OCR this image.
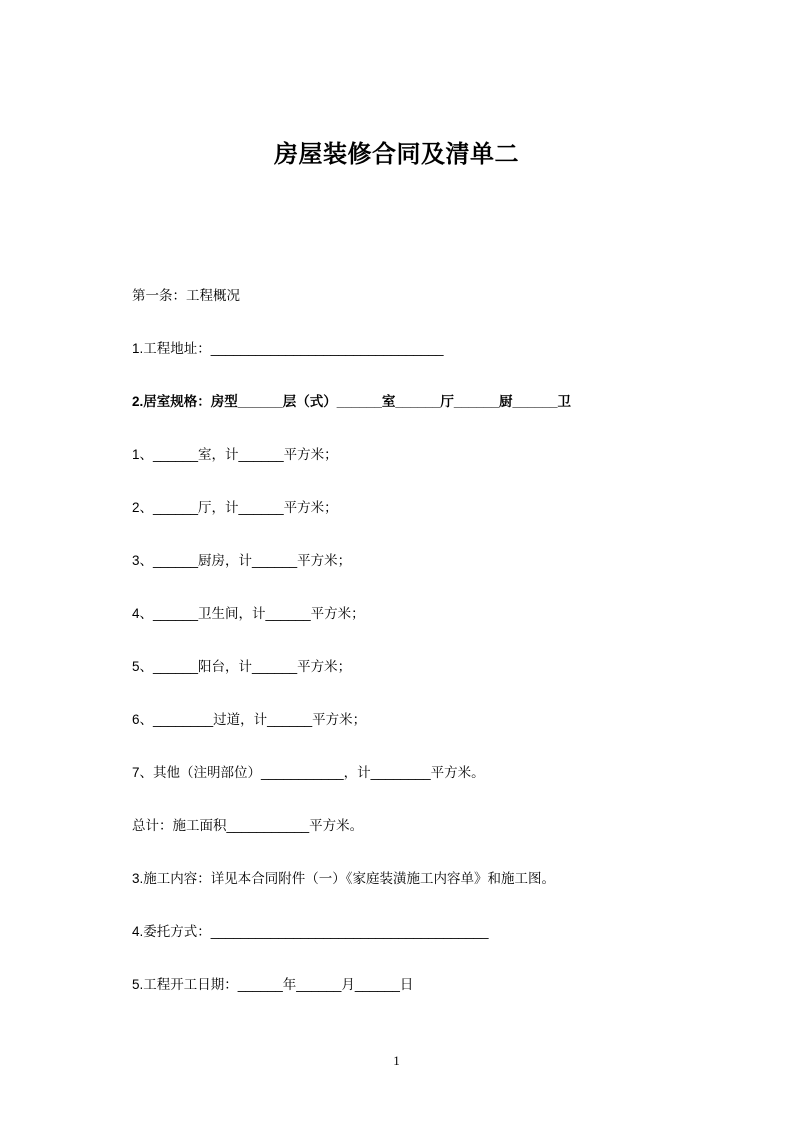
房屋装修合同及清单二

第一条：工程概况

1.工程地址：_______________________________

2.居室规格：房型______层（式）______室______厅______厨______卫

1、______室，计______平方米；

2、______厅，计______平方米；

3、______厨房，计______平方米；

4、______卫生间，计______平方米；

5、______阳台，计______平方米；

6、________过道，计______平方米；

7、其他（注明部位）___________，计________平方米。

总计：施工面积___________平方米。

3.施工内容：详见本合同附件（一）《家庭装潢施工内容单》和施工图。

4.委托方式：_____________________________________

5.工程开工日期：______年______月______日

1
